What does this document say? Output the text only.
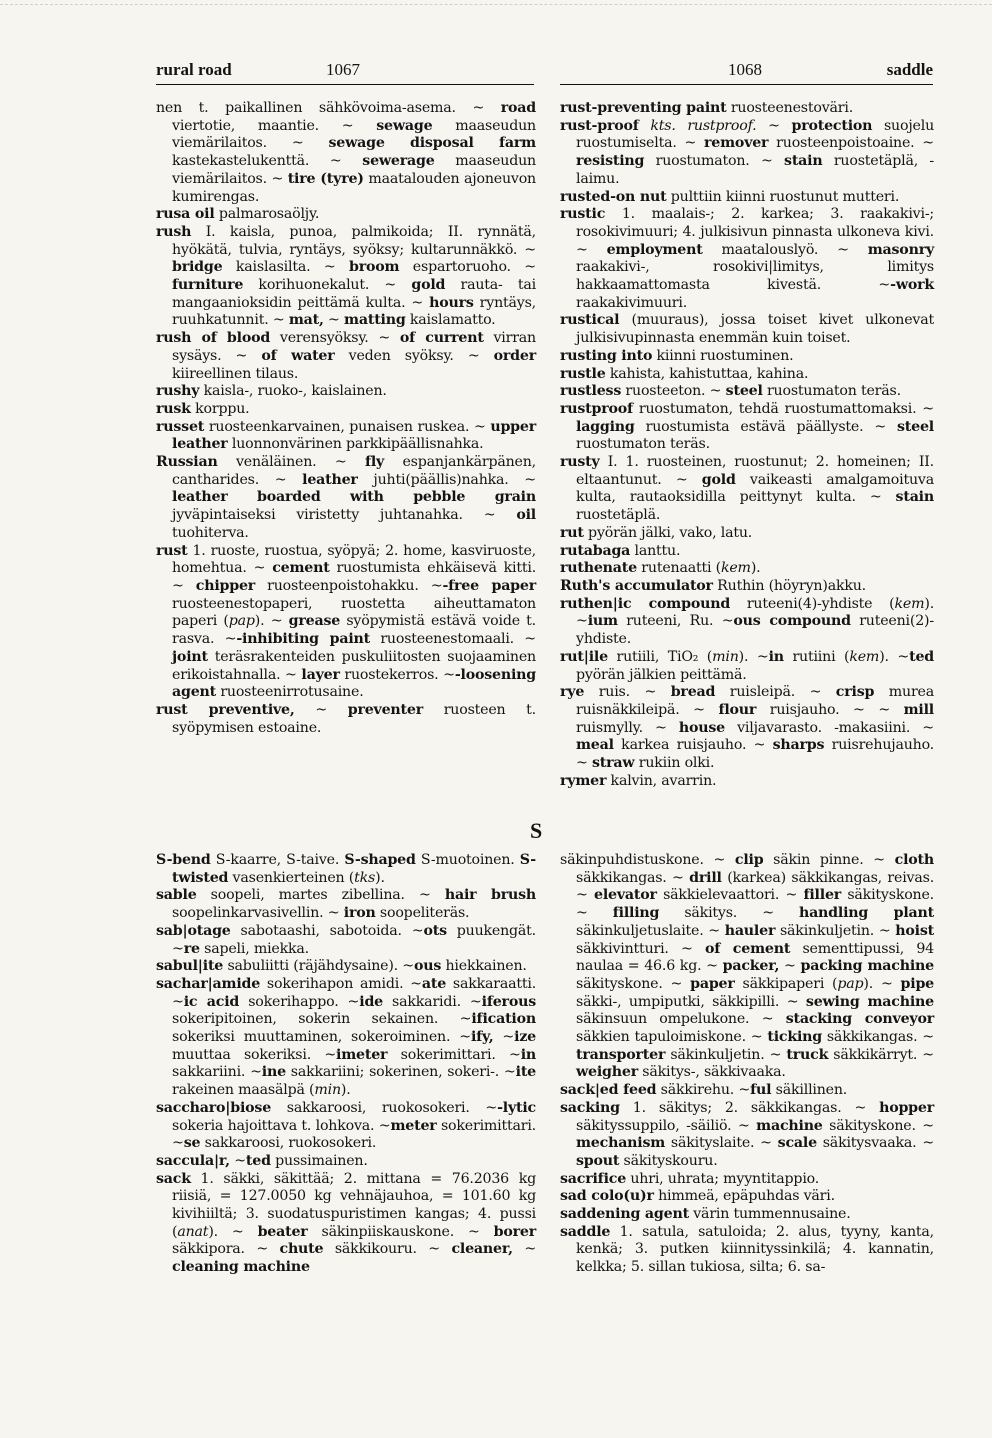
rural road	1067	1068	saddle

nen t. paikallinen sähkövoima-asema. ~ road viertotie, maantie. ~ sewage maaseudun viemärilaitos. ~ sewage disposal farm kastekastelukenttä. ~ sewerage maaseudun viemärilaitos. ~ tire (tyre) maatalouden ajoneuvon kumirengas.

rusa oil palmarosaöljy.

rush I. kaisla, punoa, palmikoida; II. rynnätä, hyökätä, tulvia, ryntäys, syöksy; kultarunnäkkö. ~ bridge kaislasilta. ~ broom espartoruoho. ~ furniture korihuonekalut. ~ gold rauta- tai mangaanioksidin peittämä kulta. ~ hours ryntäys, ruuhkatunnit. ~ mat, ~ matting kaislamatto.

rush of blood verensyöksy. ~ of current virran sysäys. ~ of water veden syöksy. ~ order kiireellinen tilaus.

rushy kaisla-, ruoko-, kaislainen.

rusk korppu.

russet ruosteenkarvainen, punaisen ruskea. ~ upper leather luonnonvärinen parkkipäällisnahka.

Russian venäläinen. ~ fly espanjankärpänen, cantharides. ~ leather juhti(päällis)nahka. ~ leather boarded with pebble grain jyväpintaiseksi viristetty juhtanahka. ~ oil tuohiterva.

rust 1. ruoste, ruostua, syöpyä; 2. home, kasviruoste, homehtua. ~ cement ruostumista ehkäisevä kitti. ~ chipper ruosteenpoistohakku. ~-free paper ruosteenestopaperi, ruostetta aiheuttamaton paperi (pap). ~ grease syöpymistä estävä voide t. rasva. ~-inhibiting paint ruosteenestomaali. ~ joint teräsrakenteiden puskuliitosten suojaaminen erikoistahnalla. ~ layer ruostekerros. ~-loosening agent ruosteenirrotusaine.

rust preventive, ~ preventer ruosteen t. syöpymisen estoaine.

rust-preventing paint ruosteenestoväri.

rust-proof kts. rustproof. ~ protection suojelu ruostumiselta. ~ remover ruosteenpoistoaine. ~ resisting ruostumaton. ~ stain ruostetäplä, -laimu.

rusted-on nut pulttiin kiinni ruostunut mutteri.

rustic 1. maalais-; 2. karkea; 3. raakakivi-; rosokivimuuri; 4. julkisivun pinnasta ulkoneva kivi. ~ employment maatalouslyö. ~ masonry raakakivi-, rosokivi|limitys, limitys hakkaamattomasta kivestä. ~-work raakakivimuuri.

rustical (muuraus), jossa toiset kivet ulkonevat julkisivupinnasta enemmän kuin toiset.

rusting into kiinni ruostuminen.

rustle kahista, kahistuttaa, kahina.

rustless ruosteeton. ~ steel ruostumaton teräs.

rustproof ruostumaton, tehdä ruostumattomaksi. ~ lagging ruostumista estävä päällyste. ~ steel ruostumaton teräs.

rusty I. 1. ruosteinen, ruostunut; 2. homeinen; II. eltaantunut. ~ gold vaikeasti amalgamoituva kulta, rautaoksidilla peittynyt kulta. ~ stain ruostetäplä.

rut pyörän jälki, vako, latu.

rutabaga lanttu.

ruthenate rutenaatti (kem).

Ruth's accumulator Ruthin (höyryn)akku.

ruthen|ic compound ruteeni(4)-yhdiste (kem). ~ium ruteeni, Ru. ~ous compound ruteeni(2)-yhdiste.

rut|ile rutiili, TiO₂ (min). ~in rutiini (kem). ~ted pyörän jälkien peittämä.

rye ruis. ~ bread ruisleipä. ~ crisp murea ruisnäkkileipä. ~ flour ruisjauho. ~ ~ mill ruismylly. ~ house viljavarasto. -makasiini. ~ meal karkea ruisjauho. ~ sharps ruisrehujauho. ~ straw rukiin olki.

rymer kalvin, avarrin.

S

S-bend S-kaarre, S-taive. S-shaped S-muotoinen. S-twisted vasenkierteinen (tks).

sable soopeli, martes zibellina. ~ hair brush soopelinkarvasivellin. ~ iron soopeliteräs.

sab|otage sabotaashi, sabotoida. ~ots puukengät. ~re sapeli, miekka.

sabul|ite sabuliitti (räjähdysaine). ~ous hiekkainen.

sachar|amide sokerihapon amidi. ~ate sakkaraatti. ~ic acid sokerihappo. ~ide sakkaridi. ~iferous sokeripitoinen, sokerin sekainen. ~ification sokeriksi muuttaminen, sokeroiminen. ~ify, ~ize muuttaa sokeriksi. ~imeter sokerimittari. ~in sakkariini. ~ine sakkariini; sokerinen, sokeri-. ~ite rakeinen maasälpä (min).

saccharo|biose sakkaroosi, ruokosokeri. ~-lytic sokeria hajoittava t. lohkova. ~meter sokerimittari. ~se sakkaroosi, ruokosokeri.

saccula|r, ~ted pussimainen.

sack 1. säkki, säkittää; 2. mittana = 76.2036 kg riisiä, = 127.0050 kg vehnäjauhoa, = 101.60 kg kivihiiltä; 3. suodatuspuristimen kangas; 4. pussi (anat). ~ beater säkinpiiskauskone. ~ borer säkkipora. ~ chute säkkikouru. ~ cleaner, ~ cleaning machine

säkinpuhdistuskone. ~ clip säkin pinne. ~ cloth säkkikangas. ~ drill (karkea) säkkikangas, reivas. ~ elevator säkkielevaattori. ~ filler säkityskone. ~ filling säkitys. ~ handling plant säkinkuljetuslaite. ~ hauler säkinkuljetin. ~ hoist säkkivintturi. ~ of cement sementtipussi, 94 naulaa = 46.6 kg. ~ packer, ~ packing machine säkityskone. ~ paper säkkipaperi (pap). ~ pipe säkki-, umpiputki, säkkipilli. ~ sewing machine säkinsuun ompelukone. ~ stacking conveyor säkkien tapuloimiskone. ~ ticking säkkikangas. ~ transporter säkinkuljetin. ~ truck säkkikärryt. ~ weigher säkitys-, säkkivaaka.

sack|ed feed säkkirehu. ~ful säkillinen.

sacking 1. säkitys; 2. säkkikangas. ~ hopper säkityssuppilo, -säiliö. ~ machine säkityskone. ~ mechanism säkityslaite. ~ scale säkitysvaaka. ~ spout säkityskouru.

sacrifice uhri, uhrata; myyntitappio.

sad colo(u)r himmeä, epäpuhdas väri.

saddening agent värin tummennusaine.

saddle 1. satula, satuloida; 2. alus, tyyny, kanta, kenkä; 3. putken kiinnityssinkilä; 4. kannatin, kelkka; 5. sillan tukiosa, silta; 6. sa-
